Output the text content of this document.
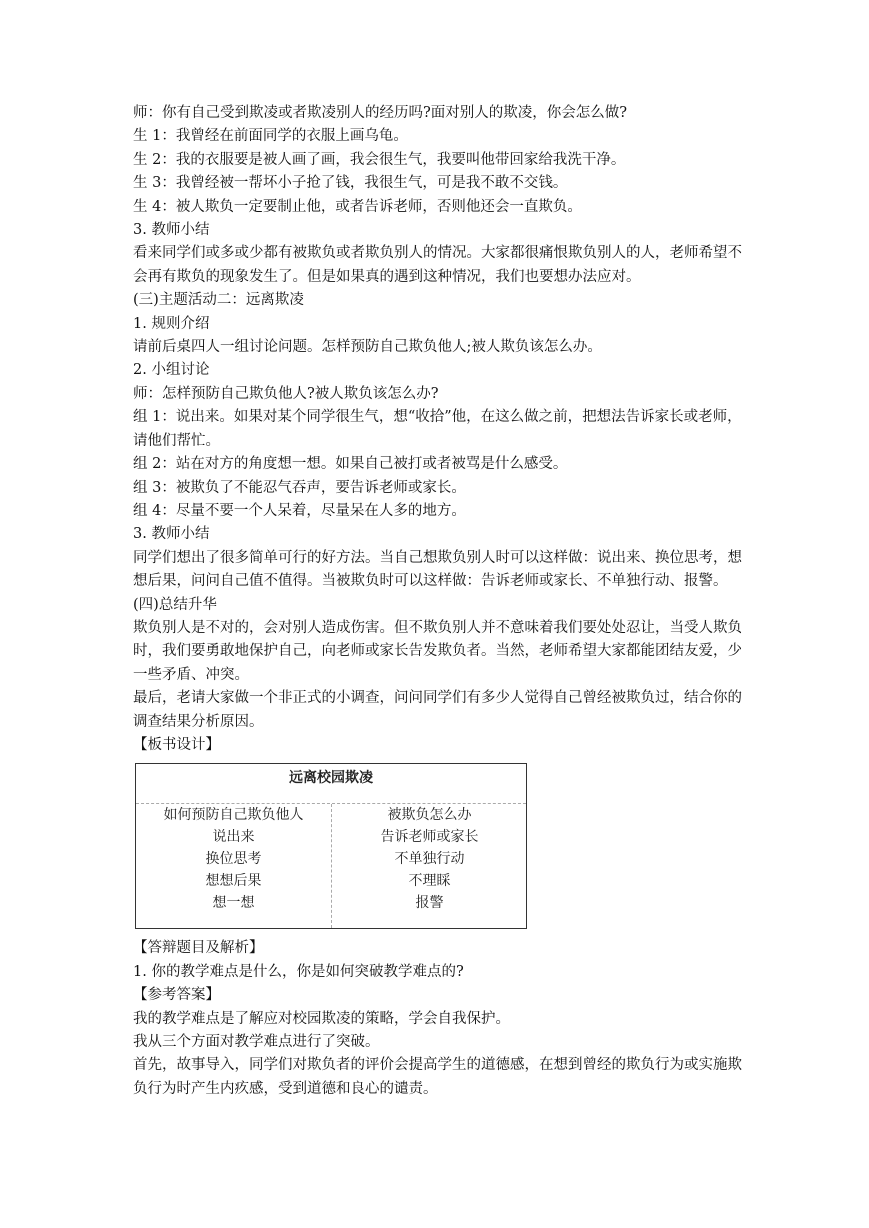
师：你有自己受到欺凌或者欺凌别人的经历吗?面对别人的欺凌，你会怎么做?

生 1：我曾经在前面同学的衣服上画乌龟。

生 2：我的衣服要是被人画了画，我会很生气，我要叫他带回家给我洗干净。

生 3：我曾经被一帮坏小子抢了钱，我很生气，可是我不敢不交钱。

生 4：被人欺负一定要制止他，或者告诉老师，否则他还会一直欺负。

3. 教师小结

看来同学们或多或少都有被欺负或者欺负别人的情况。大家都很痛恨欺负别人的人，老师希望不会再有欺负的现象发生了。但是如果真的遇到这种情况，我们也要想办法应对。

(三)主题活动二：远离欺凌

1. 规则介绍

请前后桌四人一组讨论问题。怎样预防自己欺负他人;被人欺负该怎么办。

2. 小组讨论

师：怎样预防自己欺负他人?被人欺负该怎么办?

组 1：说出来。如果对某个同学很生气，想“收拾”他，在这么做之前，把想法告诉家长或老师，请他们帮忙。

组 2：站在对方的角度想一想。如果自己被打或者被骂是什么感受。

组 3：被欺负了不能忍气吞声，要告诉老师或家长。

组 4：尽量不要一个人呆着，尽量呆在人多的地方。

3. 教师小结

同学们想出了很多简单可行的好方法。当自己想欺负别人时可以这样做：说出来、换位思考，想想后果，问问自己值不值得。当被欺负时可以这样做：告诉老师或家长、不单独行动、报警。

(四)总结升华

欺负别人是不对的，会对别人造成伤害。但不欺负别人并不意味着我们要处处忍让，当受人欺负时，我们要勇敢地保护自己，向老师或家长告发欺负者。当然，老师希望大家都能团结友爱，少一些矛盾、冲突。

最后，老请大家做一个非正式的小调查，问问同学们有多少人觉得自己曾经被欺负过，结合你的调查结果分析原因。

【板书设计】

远离校园欺凌
如何预防自己欺负他人
说出来
换位思考
想想后果
想一想
被欺负怎么办
告诉老师或家长
不单独行动
不理睬
报警

【答辩题目及解析】

1. 你的教学难点是什么，你是如何突破教学难点的?

【参考答案】

我的教学难点是了解应对校园欺凌的策略，学会自我保护。

我从三个方面对教学难点进行了突破。

首先，故事导入，同学们对欺负者的评价会提高学生的道德感，在想到曾经的欺负行为或实施欺负行为时产生内疚感，受到道德和良心的谴责。
